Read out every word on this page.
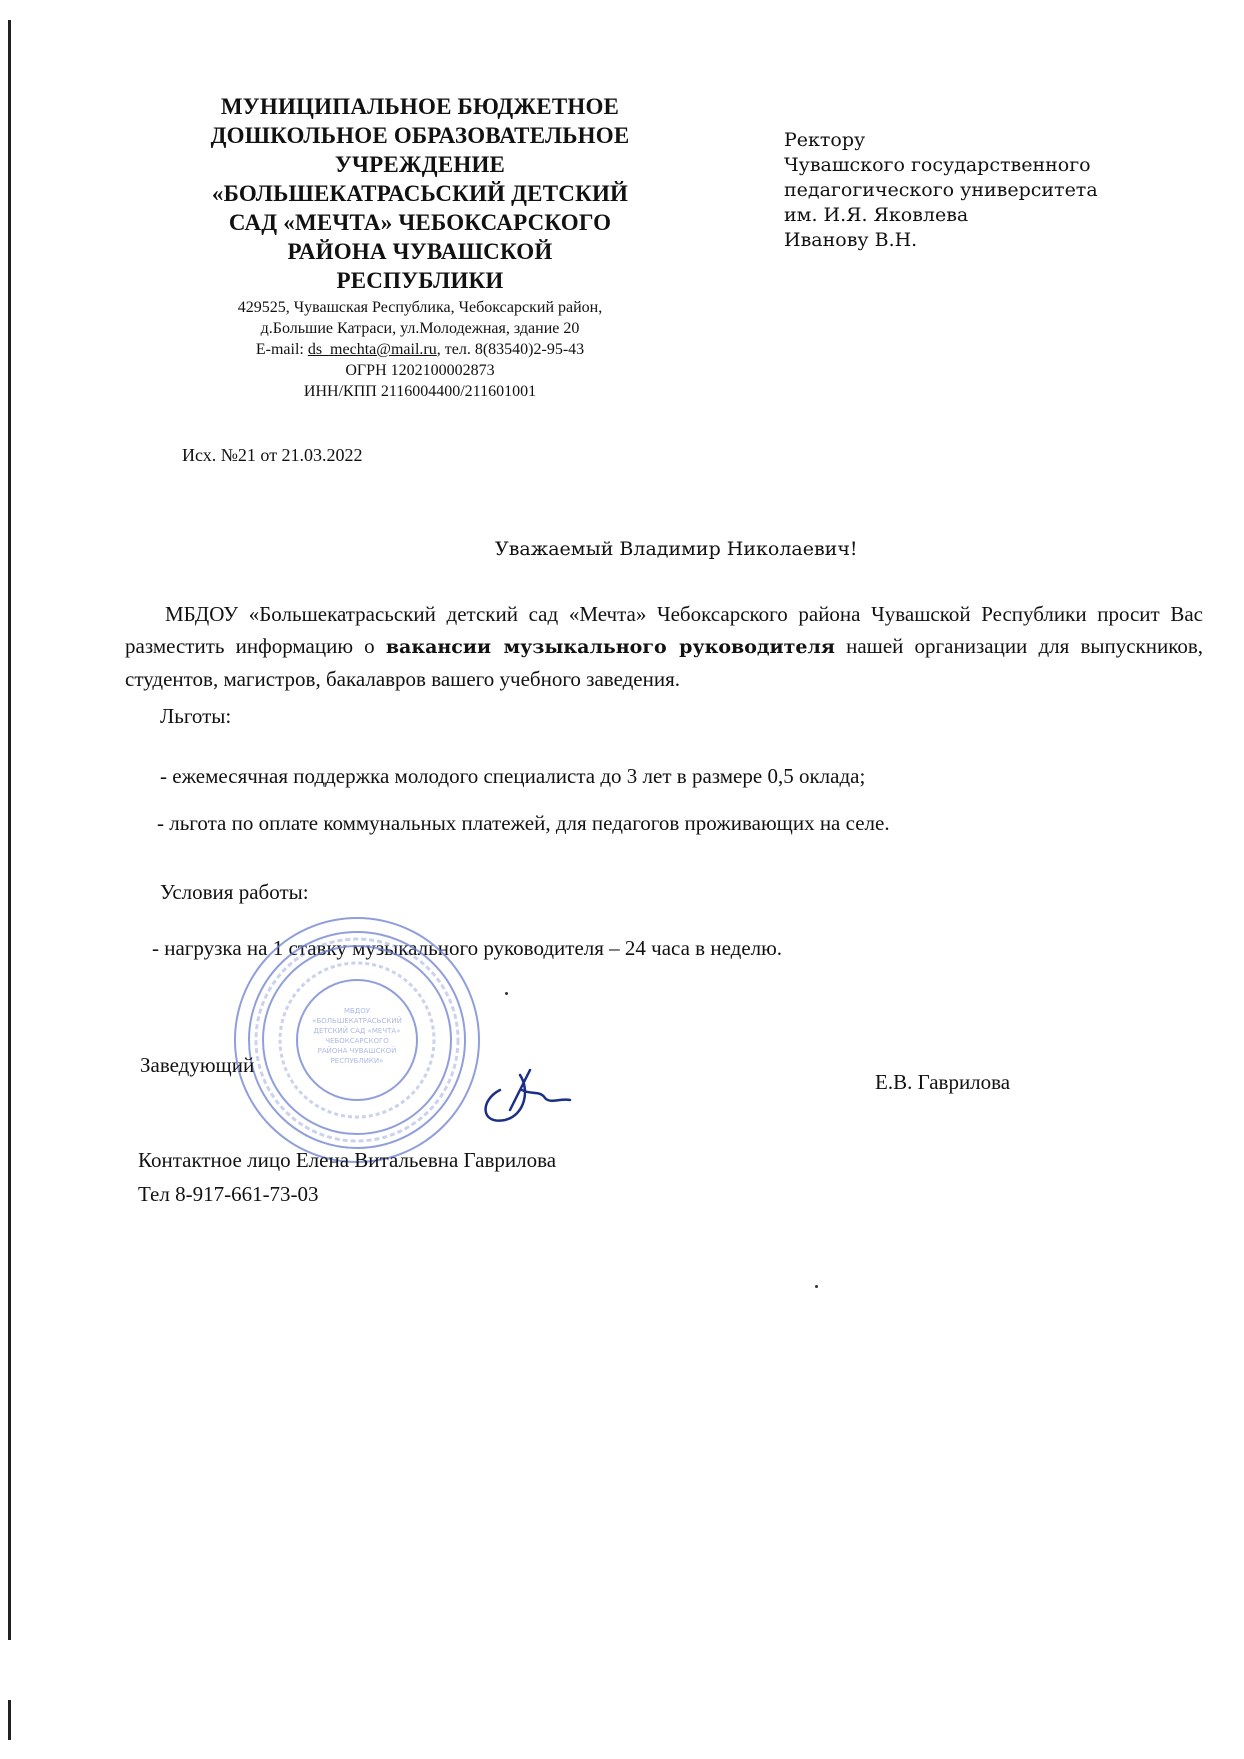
МУНИЦИПАЛЬНОЕ БЮДЖЕТНОЕ
ДОШКОЛЬНОЕ ОБРАЗОВАТЕЛЬНОЕ
УЧРЕЖДЕНИЕ
«БОЛЬШЕКАТРАСЬСКИЙ ДЕТСКИЙ
САД «МЕЧТА» ЧЕБОКСАРСКОГО
РАЙОНА ЧУВАШСКОЙ
РЕСПУБЛИКИ
429525, Чувашская Республика, Чебоксарский район,
д.Большие Катраси, ул.Молодежная, здание 20
E-mail: ds_mechta@mail.ru, тел. 8(83540)2-95-43
ОГРН 1202100002873
ИНН/КПП 2116004400/211601001
Ректору
Чувашского государственного
педагогического университета
им. И.Я. Яковлева
Иванову В.Н.
Исх. №21 от 21.03.2022
Уважаемый Владимир Николаевич!
МБДОУ «Большекатрасьский детский сад «Мечта» Чебоксарского района Чувашской Республики просит Вас разместить информацию о вакансии музыкального руководителя нашей организации для выпускников, студентов, магистров, бакалавров вашего учебного заведения.
Льготы:
- ежемесячная поддержка молодого специалиста до 3 лет в размере 0,5 оклада;
- льгота по оплате коммунальных платежей, для педагогов проживающих на селе.
Условия работы:
- нагрузка на 1 ставку музыкального руководителя – 24 часа в неделю.
МБДОУ
«БОЛЬШЕКАТРАСЬСКИЙ
ДЕТСКИЙ САД «МЕЧТА»
ЧЕБОКСАРСКОГО
РАЙОНА ЧУВАШСКОЙ
РЕСПУБЛИКИ»
Заведующий
Е.В. Гаврилова
Контактное лицо Елена Витальевна Гаврилова
Тел 8-917-661-73-03
